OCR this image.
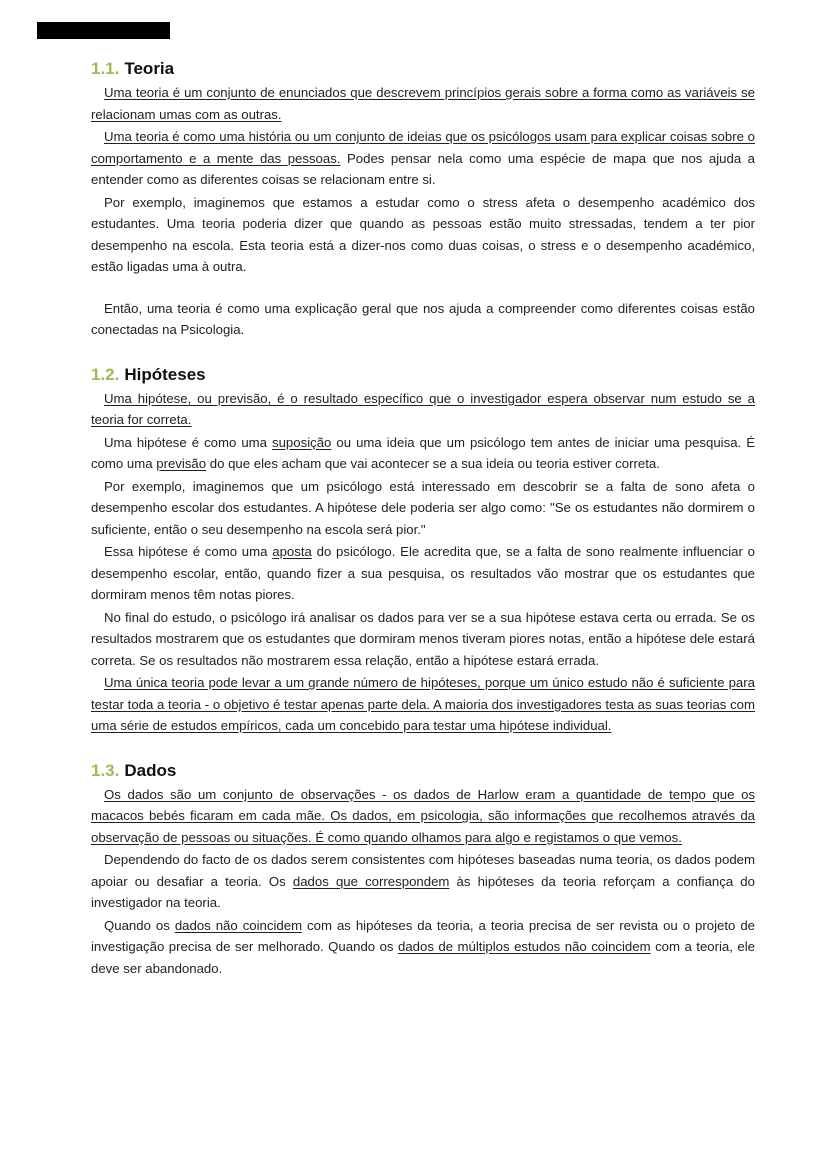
1.1. Teoria

Uma teoria é um conjunto de enunciados que descrevem princípios gerais sobre a forma como as variáveis se relacionam umas com as outras.

Uma teoria é como uma história ou um conjunto de ideias que os psicólogos usam para explicar coisas sobre o comportamento e a mente das pessoas. Podes pensar nela como uma espécie de mapa que nos ajuda a entender como as diferentes coisas se relacionam entre si.

Por exemplo, imaginemos que estamos a estudar como o stress afeta o desempenho académico dos estudantes. Uma teoria poderia dizer que quando as pessoas estão muito stressadas, tendem a ter pior desempenho na escola. Esta teoria está a dizer-nos como duas coisas, o stress e o desempenho académico, estão ligadas uma à outra.

Então, uma teoria é como uma explicação geral que nos ajuda a compreender como diferentes coisas estão conectadas na Psicologia.

1.2. Hipóteses

Uma hipótese, ou previsão, é o resultado específico que o investigador espera observar num estudo se a teoria for correta.

Uma hipótese é como uma suposição ou uma ideia que um psicólogo tem antes de iniciar uma pesquisa. É como uma previsão do que eles acham que vai acontecer se a sua ideia ou teoria estiver correta.

Por exemplo, imaginemos que um psicólogo está interessado em descobrir se a falta de sono afeta o desempenho escolar dos estudantes. A hipótese dele poderia ser algo como: "Se os estudantes não dormirem o suficiente, então o seu desempenho na escola será pior."

Essa hipótese é como uma aposta do psicólogo. Ele acredita que, se a falta de sono realmente influenciar o desempenho escolar, então, quando fizer a sua pesquisa, os resultados vão mostrar que os estudantes que dormiram menos têm notas piores.

No final do estudo, o psicólogo irá analisar os dados para ver se a sua hipótese estava certa ou errada. Se os resultados mostrarem que os estudantes que dormiram menos tiveram piores notas, então a hipótese dele estará correta. Se os resultados não mostrarem essa relação, então a hipótese estará errada.

Uma única teoria pode levar a um grande número de hipóteses, porque um único estudo não é suficiente para testar toda a teoria - o objetivo é testar apenas parte dela. A maioria dos investigadores testa as suas teorias com uma série de estudos empíricos, cada um concebido para testar uma hipótese individual.

1.3. Dados

Os dados são um conjunto de observações - os dados de Harlow eram a quantidade de tempo que os macacos bebés ficaram em cada mãe. Os dados, em psicologia, são informações que recolhemos através da observação de pessoas ou situações. É como quando olhamos para algo e registamos o que vemos.

Dependendo do facto de os dados serem consistentes com hipóteses baseadas numa teoria, os dados podem apoiar ou desafiar a teoria. Os dados que correspondem às hipóteses da teoria reforçam a confiança do investigador na teoria.

Quando os dados não coincidem com as hipóteses da teoria, a teoria precisa de ser revista ou o projeto de investigação precisa de ser melhorado. Quando os dados de múltiplos estudos não coincidem com a teoria, ele deve ser abandonado.
